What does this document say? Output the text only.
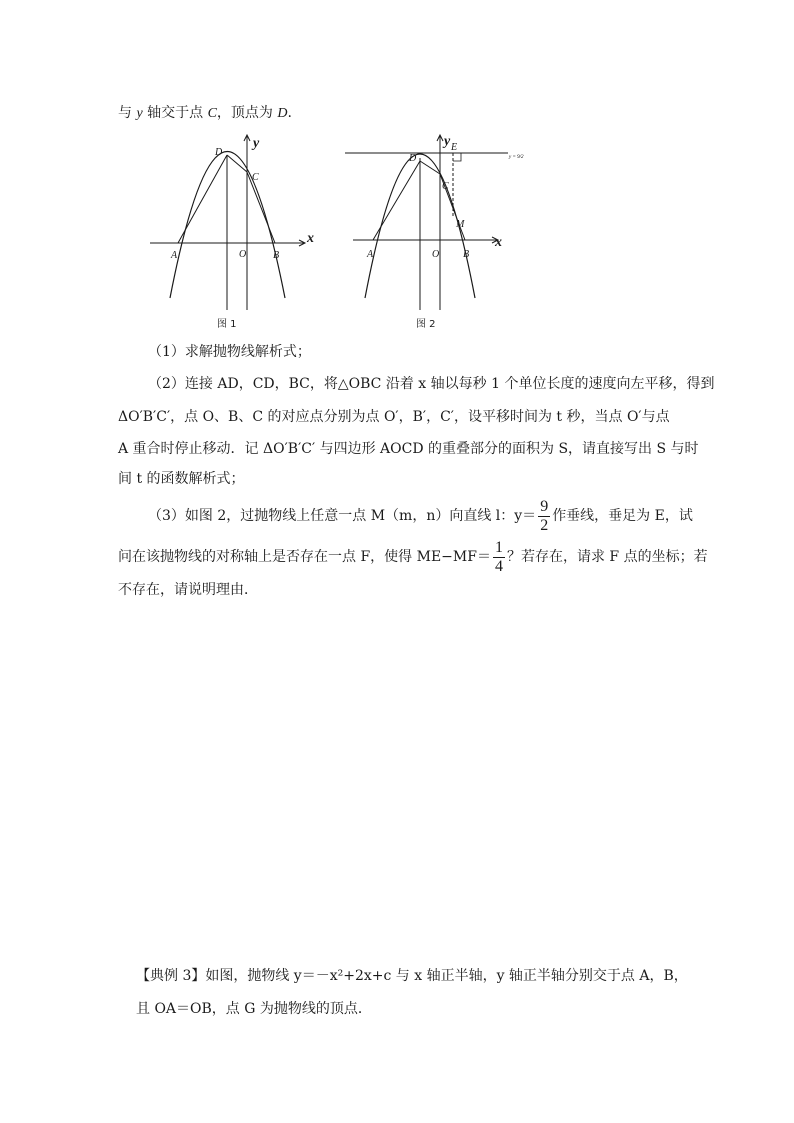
与 y 轴交于点 C，顶点为 D.
D
C
A	O	B
x
y
图 1
y = 9/2
D
C
M
E
A	O B
x
y
图 2
（1）求解抛物线解析式；
（2）连接 AD，CD，BC，将△OBC 沿着 x 轴以每秒 1 个单位长度的速度向左平移，得到
ΔO′B′C′，点 O、B、C 的对应点分别为点 O′，B′，C′，设平移时间为 t 秒，当点 O′与点
A 重合时停止移动．记 ΔO′B′C′ 与四边形 AOCD 的重叠部分的面积为 S，请直接写出 S 与时
间 t 的函数解析式；
（3）如图 2，过抛物线上任意一点 M（m，n）向直线 l：$y= \frac{9}{2}$ 作垂线，垂足为 E，试
问在该抛物线的对称轴上是否存在一点 F，使得 $ME-MF= \frac{1}{4}$ ？若存在，请求 F 点的坐标；若
不存在，请说明理由．
【典例 3】如图，抛物线 y＝－x²+2x+c 与 x 轴正半轴，y 轴正半轴分别交于点 A，B，
且 OA＝OB，点 G 为抛物线的顶点．
